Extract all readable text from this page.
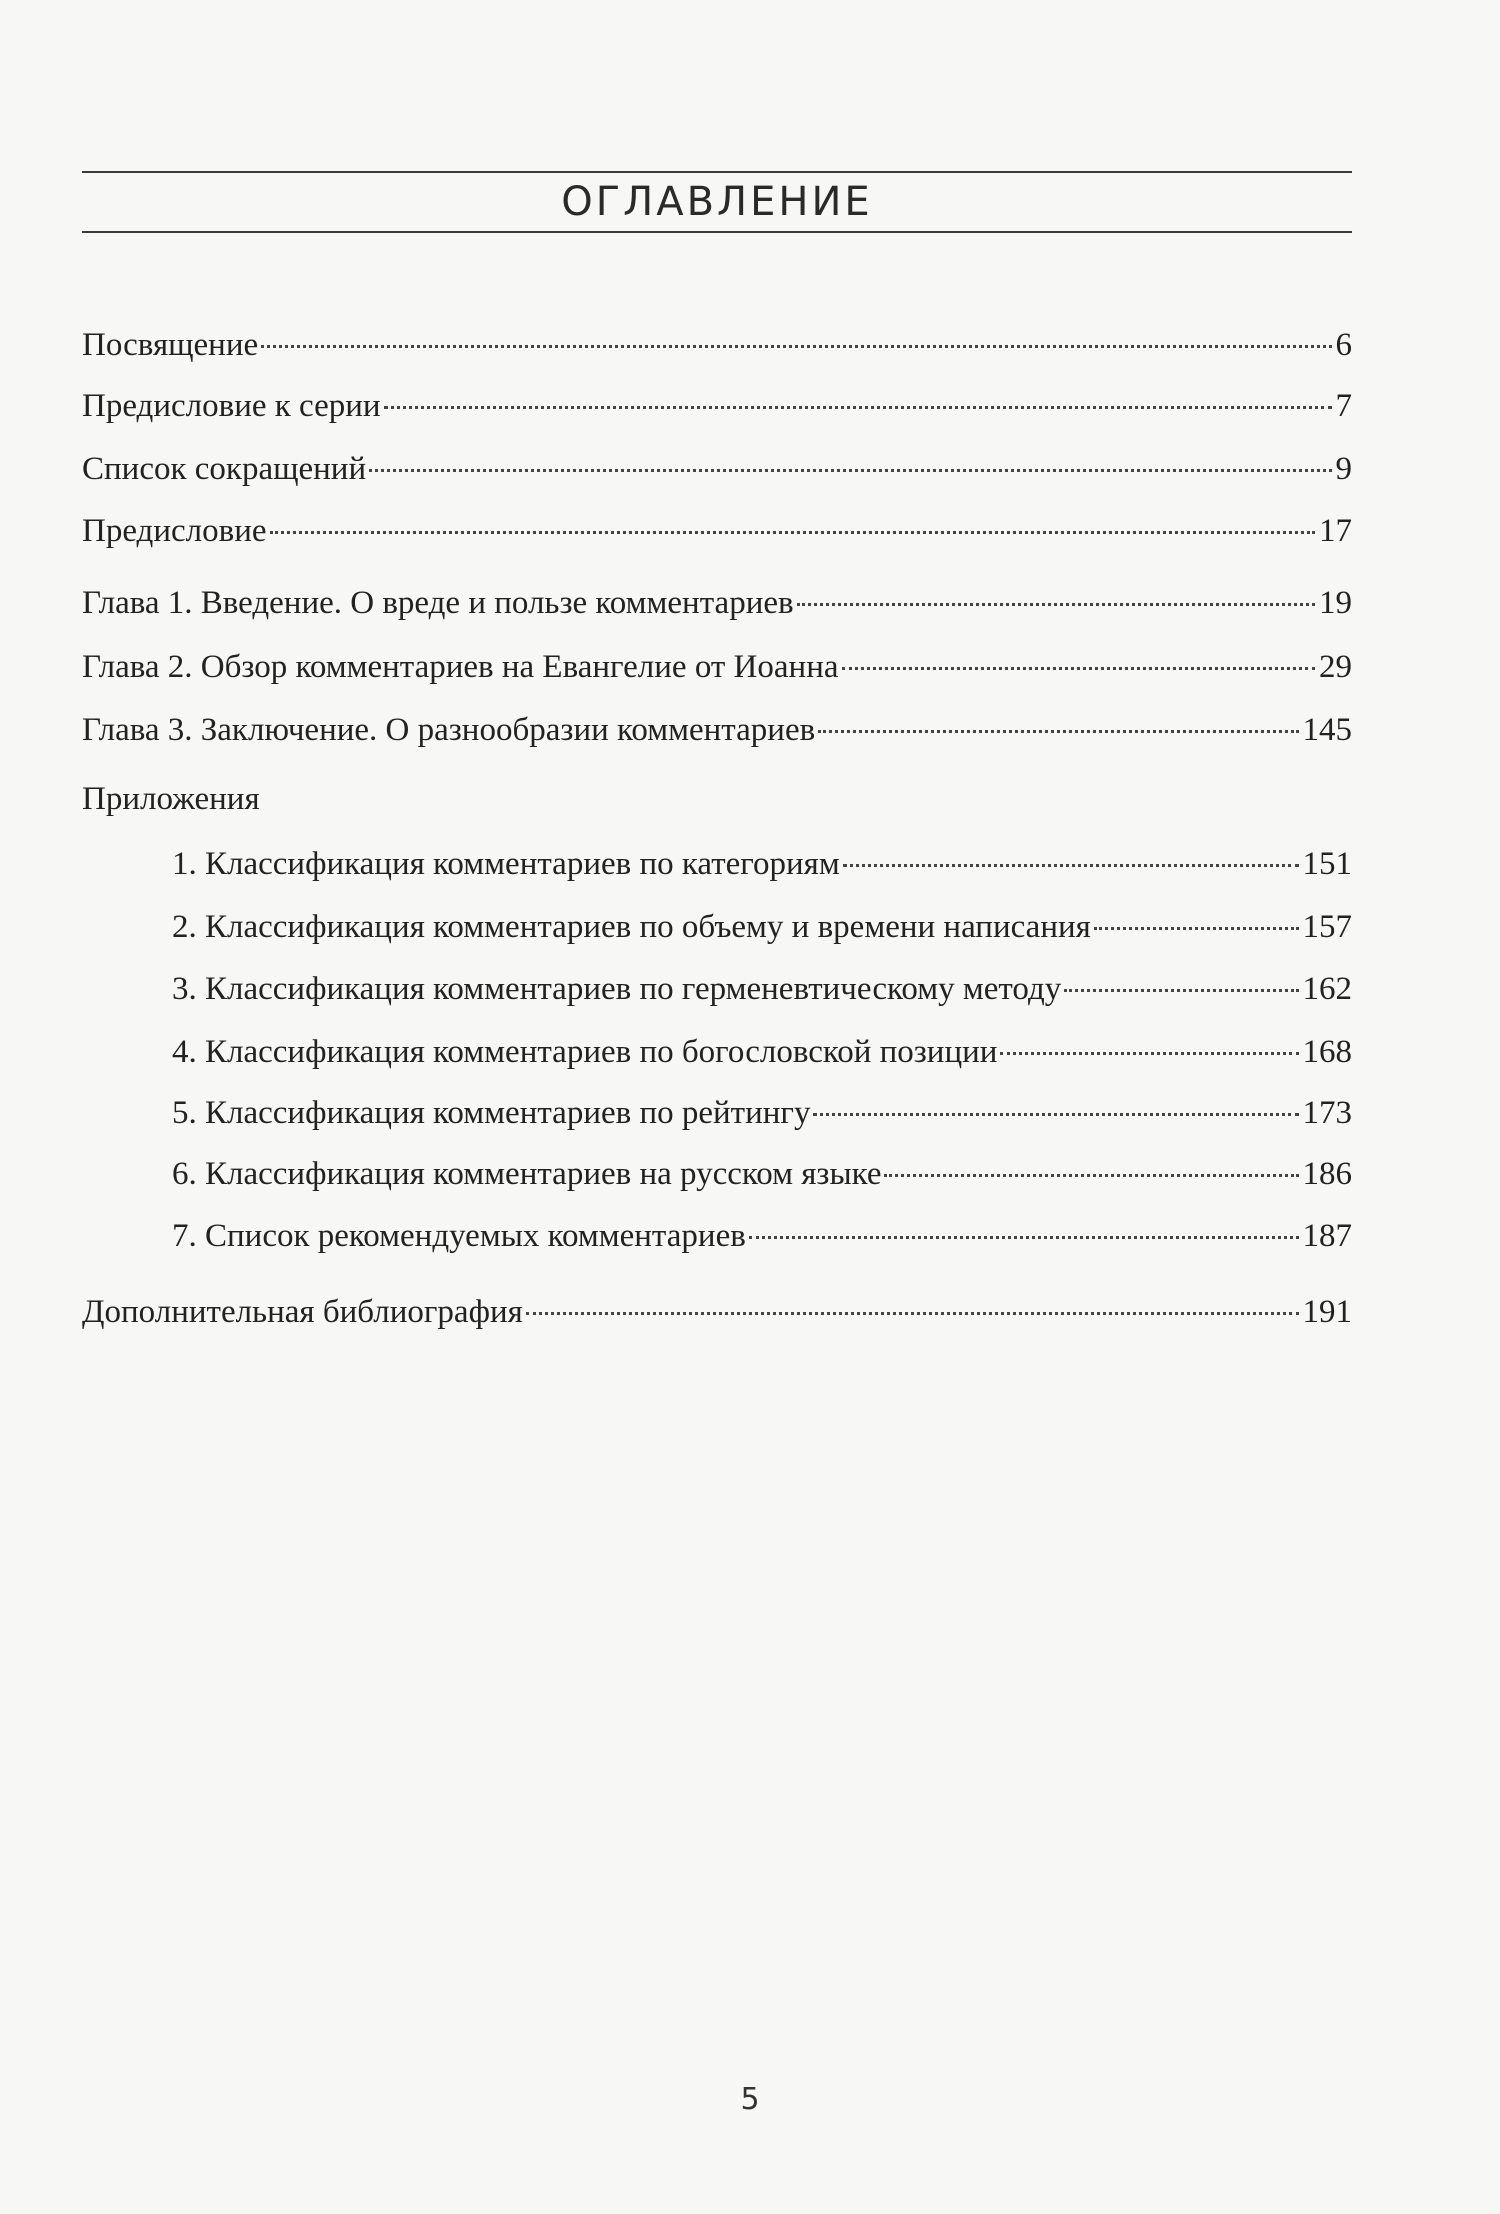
ОГЛАВЛЕНИЕ
Посвящение	6
Предисловие к серии	7
Список сокращений	9
Предисловие	17
Глава 1. Введение. О вреде и пользе комментариев	19
Глава 2. Обзор комментариев на Евангелие от Иоанна	29
Глава 3. Заключение. О разнообразии комментариев	145
Приложения
1. Классификация комментариев по категориям	151
2. Классификация комментариев по объему и времени написания	157
3. Классификация комментариев по герменевтическому методу	162
4. Классификация комментариев по богословской позиции	168
5. Классификация комментариев по рейтингу	173
6. Классификация комментариев на русском языке	186
7. Список рекомендуемых комментариев	187
Дополнительная библиография	191
5
